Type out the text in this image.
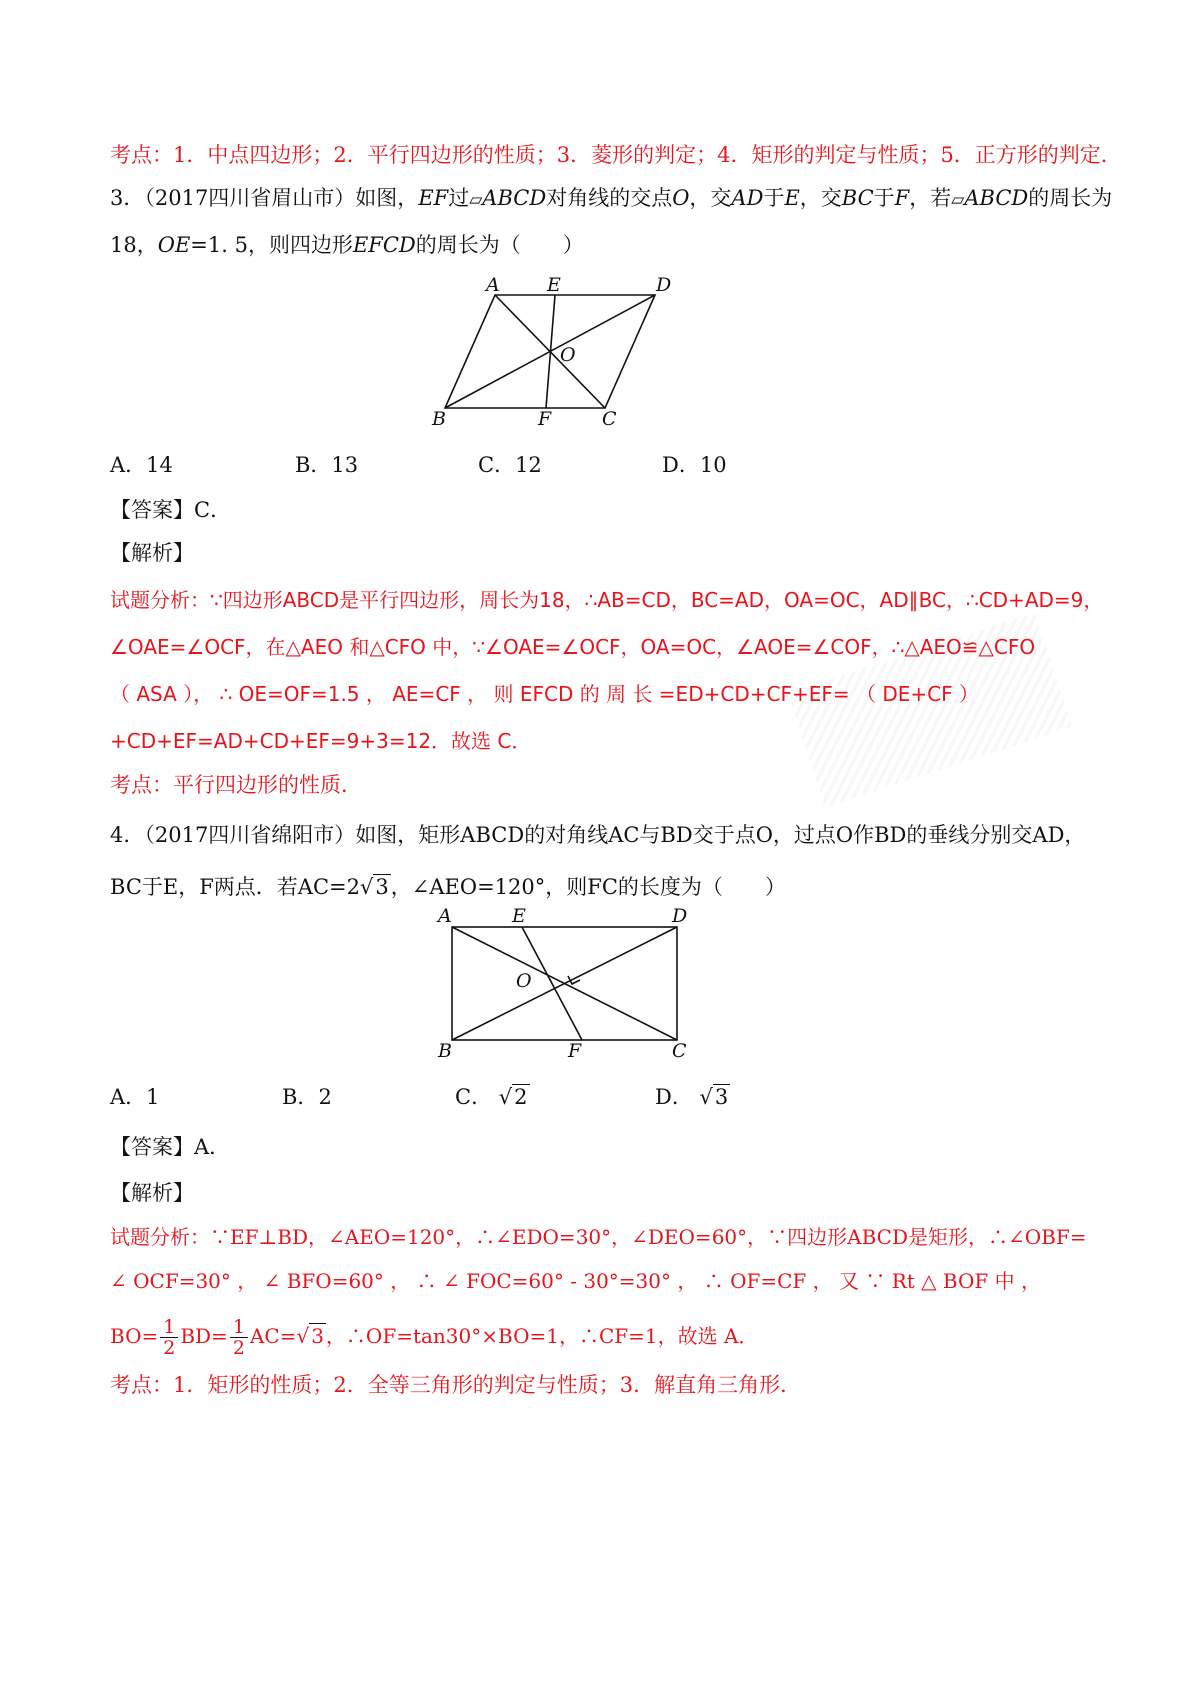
考点：1．中点四边形；2．平行四边形的性质；3．菱形的判定；4．矩形的判定与性质；5．正方形的判定．
3．（2017四川省眉山市）如图，EF过▱ABCD对角线的交点O，交AD于E，交BC于F，若▱ABCD的周长为
18，OE=1. 5，则四边形EFCD的周长为（　　）
A E	D
O
B	F	C
A．14	B．13	C．12	D．10
【答案】C．
【解析】
试题分析：∵四边形ABCD是平行四边形，周长为18，∴AB=CD，BC=AD，OA=OC，AD∥BC，∴CD+AD=9，
∠OAE=∠OCF，在△AEO 和△CFO 中，∵∠OAE=∠OCF，OA=OC，∠AOE=∠COF，∴△AEO≌△CFO
（ ASA ）， ∴ OE=OF=1.5 ， AE=CF ， 则 EFCD 的 周 长 =ED+CD+CF+EF= （ DE+CF ）
+CD+EF=AD+CD+EF=9+3=12．故选 C．
考点：平行四边形的性质．
4．（2017四川省绵阳市）如图，矩形ABCD的对角线AC与BD交于点O，过点O作BD的垂线分别交AD，
BC于E，F两点．若AC=2√3，∠AEO=120°，则FC的长度为（　　）
A	E	D
O
B	F	C
A．1	B．2	C． √2	D． √3
【答案】A．
【解析】
试题分析：∵EF⊥BD，∠AEO=120°，∴∠EDO=30°，∠DEO=60°，∵四边形ABCD是矩形，∴∠OBF=
∠ OCF=30° ， ∠ BFO=60° ， ∴ ∠ FOC=60° - 30°=30° ， ∴ OF=CF ， 又 ∵ Rt △ BOF 中 ，
$BO= \frac{1}{2} BD= \frac{1}{2} AC=√$ 3 ，∴OF=tan30°×BO=1，∴CF=1，故选 A．
考点：1．矩形的性质；2．全等三角形的判定与性质；3．解直角三角形．
